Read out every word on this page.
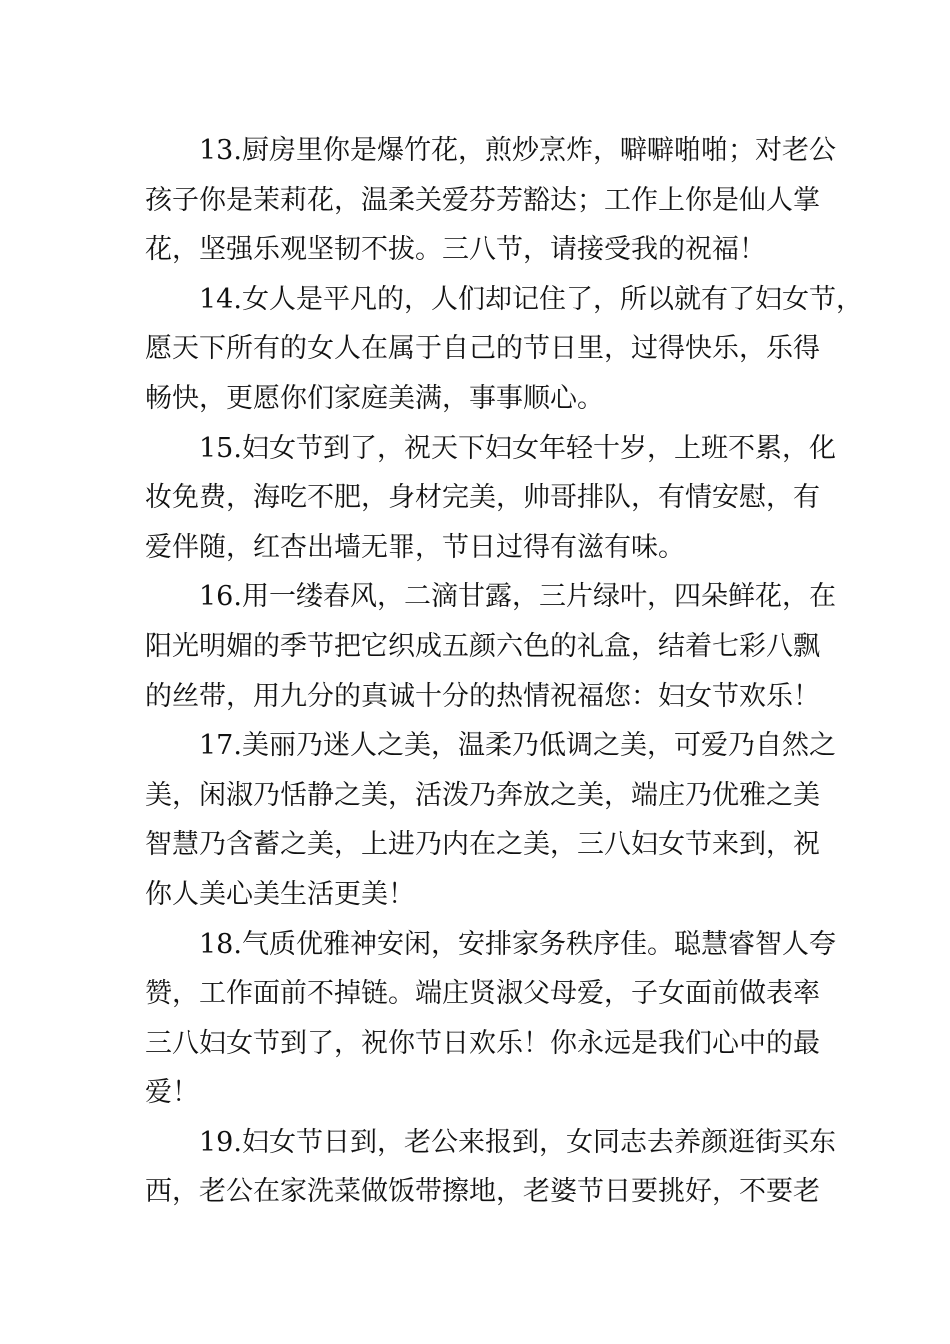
13.厨房里你是爆竹花，煎炒烹炸，噼噼啪啪；对老公
孩子你是茉莉花，温柔关爱芬芳豁达；工作上你是仙人掌
花，坚强乐观坚韧不拔。三八节，请接受我的祝福！

14.女人是平凡的，人们却记住了，所以就有了妇女节，
愿天下所有的女人在属于自己的节日里，过得快乐，乐得
畅快，更愿你们家庭美满，事事顺心。

15.妇女节到了，祝天下妇女年轻十岁，上班不累，化
妆免费，海吃不肥，身材完美，帅哥排队，有情安慰，有
爱伴随，红杏出墙无罪，节日过得有滋有味。

16.用一缕春风，二滴甘露，三片绿叶，四朵鲜花，在
阳光明媚的季节把它织成五颜六色的礼盒，结着七彩八飘
的丝带，用九分的真诚十分的热情祝福您：妇女节欢乐！

17.美丽乃迷人之美，温柔乃低调之美，可爱乃自然之
美，闲淑乃恬静之美，活泼乃奔放之美，端庄乃优雅之美
智慧乃含蓄之美，上进乃内在之美，三八妇女节来到，祝
你人美心美生活更美！

18.气质优雅神安闲，安排家务秩序佳。聪慧睿智人夸
赞，工作面前不掉链。端庄贤淑父母爱，子女面前做表率
三八妇女节到了，祝你节日欢乐！你永远是我们心中的最
爱！

19.妇女节日到，老公来报到，女同志去养颜逛街买东
西，老公在家洗菜做饭带擦地，老婆节日要挑好，不要老
